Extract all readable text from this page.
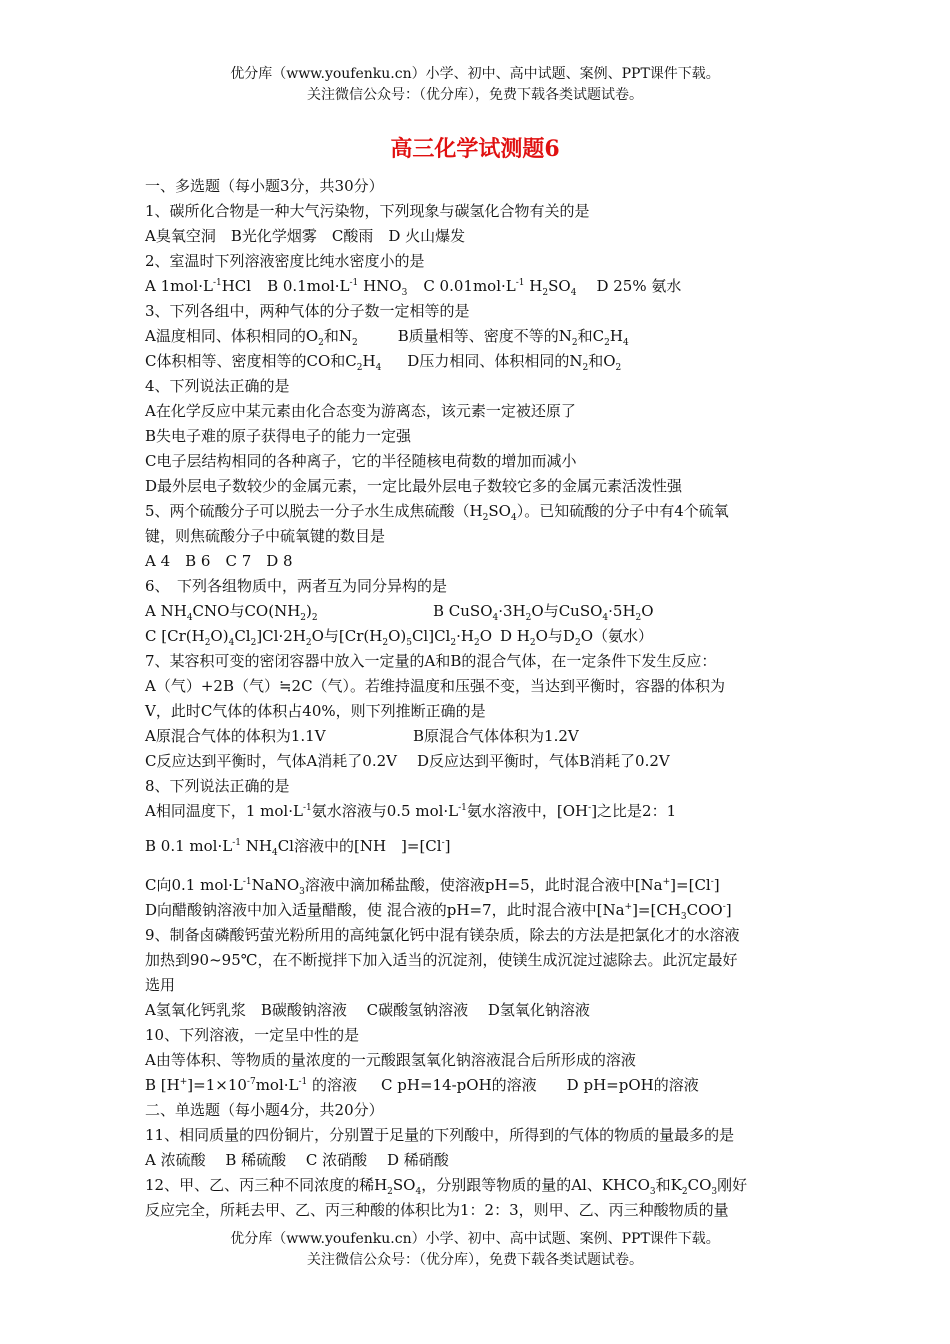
优分库（www.youfenku.cn）小学、初中、高中试题、案例、PPT课件下载。
关注微信公众号：（优分库），免费下载各类试题试卷。
高三化学试测题6
一、多选题（每小题3分，共30分）
1、碳所化合物是一种大气污染物，下列现象与碳氢化合物有关的是
A臭氧空洞　B光化学烟雾　C酸雨　D 火山爆发
2、室温时下列溶液密度比纯水密度小的是
A $1mol\cdot L^{-1}HCl$ B $0.1mol\cdot L^{-1}$ $HNO_3$ C $0.01mol\cdot L^{-1}$ $H_2SO_4$ D 25% 氨水
3、下列各组中，两种气体的分子数一定相等的是
A温度相同、体积相同的$O_2$和$N_2$	B质量相等、密度不等的$N_2$和$C_2H_4$
C体积相等、密度相等的CO和$C_2H_4$ D压力相同、体积相同的$N_2$和$O_2$
4、下列说法正确的是
A在化学反应中某元素由化合态变为游离态，该元素一定被还原了
B失电子难的原子获得电子的能力一定强
C电子层结构相同的各种离子，它的半径随核电荷数的增加而减小
D最外层电子数较少的金属元素，一定比最外层电子数较它多的金属元素活泼性强
5、两个硫酸分子可以脱去一分子水生成焦硫酸$(H_2SO_4)$。已知硫酸的分子中有4个硫氧
键，则焦硫酸分子中硫氧键的数目是
A 4　B 6　C 7　D 8
6、　下列各组物质中，两者互为同分异构的是
A $NH_4CNO$与$CO(NH_2)_2$	B $CuSO_4\cdot 3H_2O$与$CuSO_4\cdot 5H_2O$
C $[Cr(H_2O)_4Cl_2]Cl\cdot 2H_2O$与$[Cr(H_2O)_5Cl]Cl_2\cdot H_2O$ D $H_2O$与$D_2O$（氨水）
7、某容积可变的密闭容器中放入一定量的A和B的混合气体，在一定条件下发生反应：
A（气）+2B（气）≒2C（气）。若维持温度和压强不变，当达到平衡时，容器的体积为
V，此时C气体的体积占40%，则下列推断正确的是
A原混合气体的体积为1.1V	B原混合气体体积为1.2V
C反应达到平衡时，气体A消耗了0.2V D反应达到平衡时，气体B消耗了0.2V
8、下列说法正确的是
A相同温度下，1 $mol\cdot L^{-1}$氨水溶液与0.5 $mol\cdot L^{-1}$氨水溶液中，[OH-]之比是2：1
B 0.1 $mol\cdot L^{-1}$ $NH_4Cl$溶液中的[NH　]=[Cl-]
C向0.1 $mol\cdot L^{-1}NaNO_3$溶液中滴加稀盐酸，使溶液pH=5，此时混合液中[Na+]=[Cl-]
D向醋酸钠溶液中加入适量醋酸，使 混合液的pH=7，此时混合液中$[Na^+]=[CH_3COO^-]$
9、制备卤磷酸钙萤光粉所用的高纯氯化钙中混有镁杂质，除去的方法是把氯化才的水溶液
加热到90~95℃，在不断搅拌下加入适当的沉淀剂，使镁生成沉淀过滤除去。此沉定最好
选用
A氢氧化钙乳浆　B碳酸钠溶液　 C碳酸氢钠溶液　 D氢氧化钠溶液
10、下列溶液，一定呈中性的是
A由等体积、等物质的量浓度的一元酸跟氢氧化钠溶液混合后所形成的溶液
B $[H^+]=1\times 10^{-7}mol\cdot L^{-1}$ 的溶液 C pH=14-pOH的溶液 D pH=pOH的溶液
二、单选题（每小题4分，共20分）
11、相同质量的四份铜片，分别置于足量的下列酸中，所得到的气体的物质的量最多的是
A 浓硫酸　 B 稀硫酸　 C 浓硝酸　 D 稀硝酸
12、甲、乙、丙三种不同浓度的稀$H_2SO_4$，分别跟等物质的量的Al、$KHCO_3$和$K_2CO_3$刚好
反应完全，所耗去甲、乙、丙三种酸的体积比为1：2：3，则甲、乙、丙三种酸物质的量
优分库（www.youfenku.cn）小学、初中、高中试题、案例、PPT课件下载。
关注微信公众号：（优分库），免费下载各类试题试卷。
